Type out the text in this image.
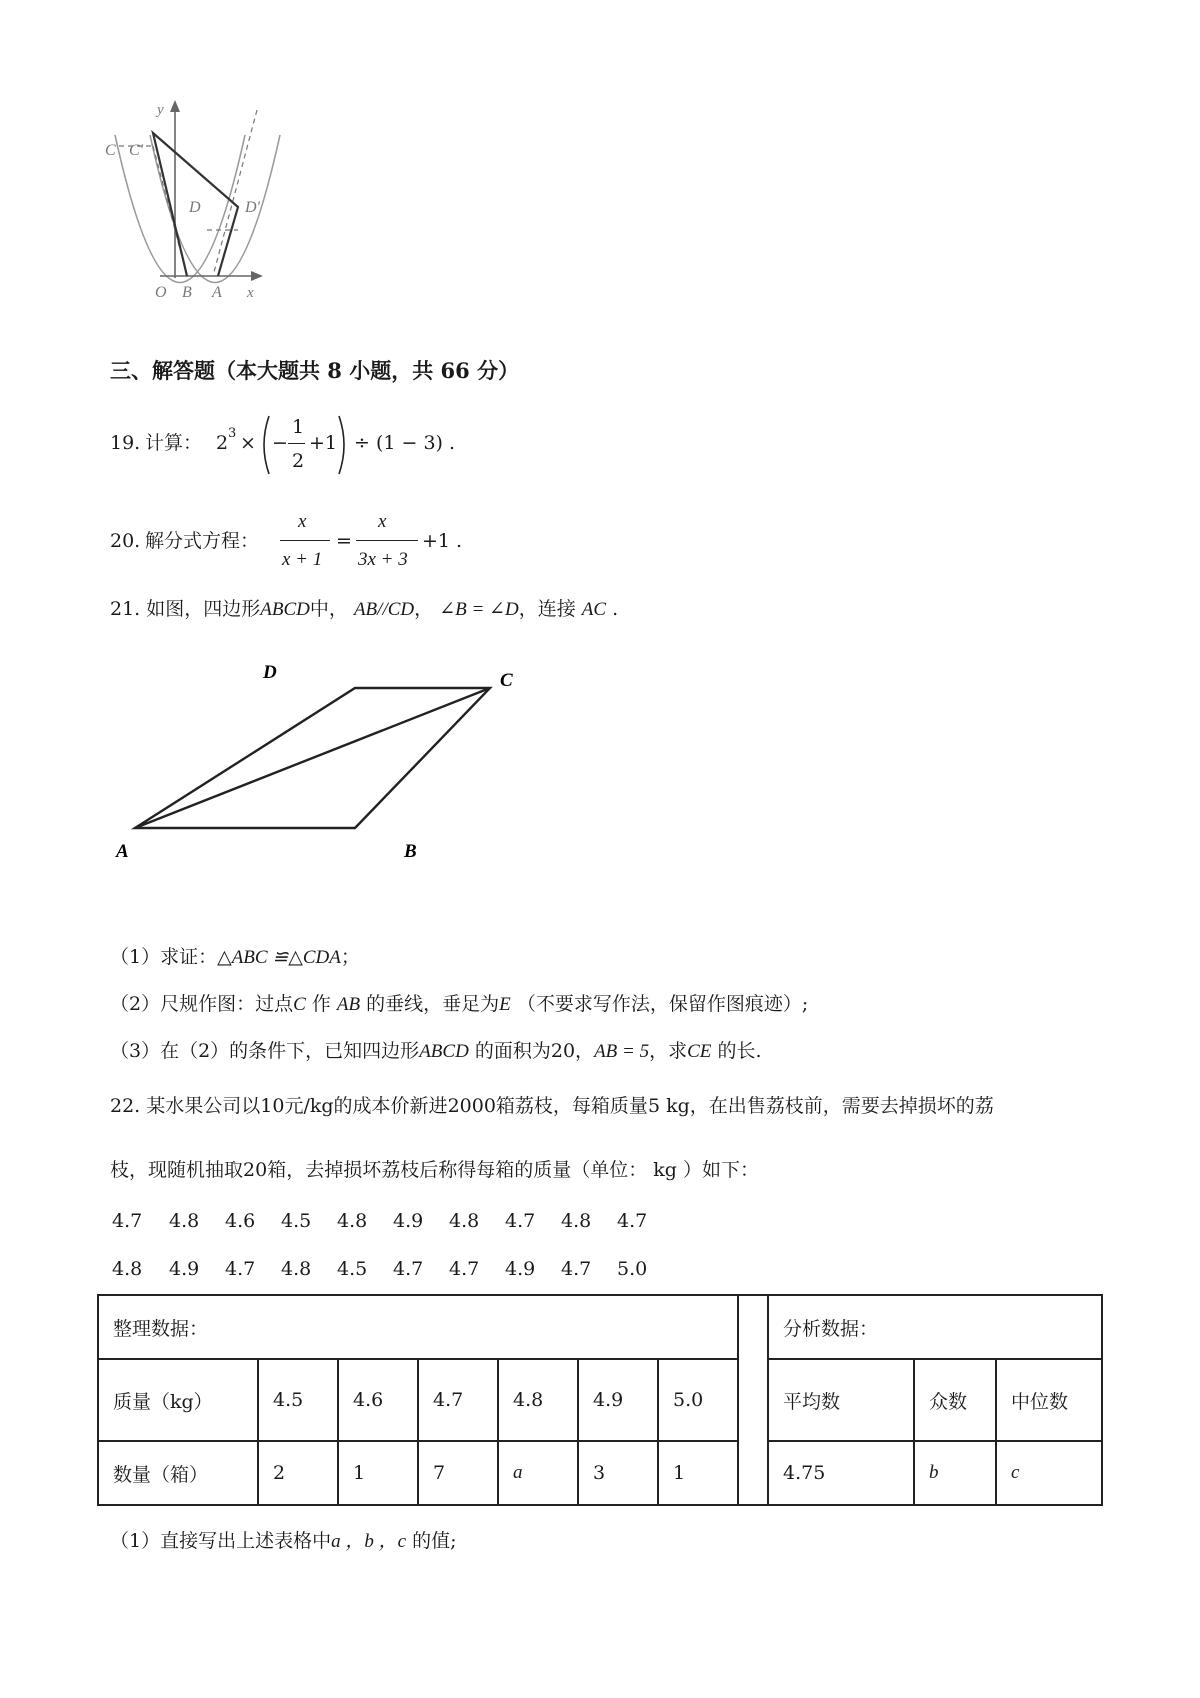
y
C C'
D	D'
O B A x
三、解答题（本大题共 8 小题，共 66 分）
19. 计算： 2 3 × −
1
2
+1 ÷ (1 − 3) .
20. 解分式方程：
x
x + 1
=
x
3x + 3
+1 .
21. 如图，四边形ABCD中， AB//CD， ∠B = ∠D，连接 AC .
A	B
C
D
（1）求证：△ABC ≌△CDA；
（2）尺规作图：过点C 作 AB 的垂线，垂足为E （不要求写作法，保留作图痕迹）;
（3）在（2）的条件下，已知四边形ABCD 的面积为20，AB = 5，求CE 的长.
22. 某水果公司以10元/kg的成本价新进2000箱荔枝，每箱质量5 kg，在出售荔枝前，需要去掉损坏的荔
枝，现随机抽取20箱，去掉损坏荔枝后称得每箱的质量（单位： kg ）如下：
4.7 4.8 4.6 4.5 4.8 4.9 4.8 4.7 4.8 4.7
4.8 4.9 4.7 4.8 4.5 4.7 4.7 4.9 4.7 5.0
整理数据：								分析数据：		
质量（kg）	4.5	4.6	4.7	4.8	4.9	5.0		平均数	众数	中位数
数量（箱）	2	1	7	a	3	1		4.75	b	c
（1）直接写出上述表格中a ，b ，c 的值;
